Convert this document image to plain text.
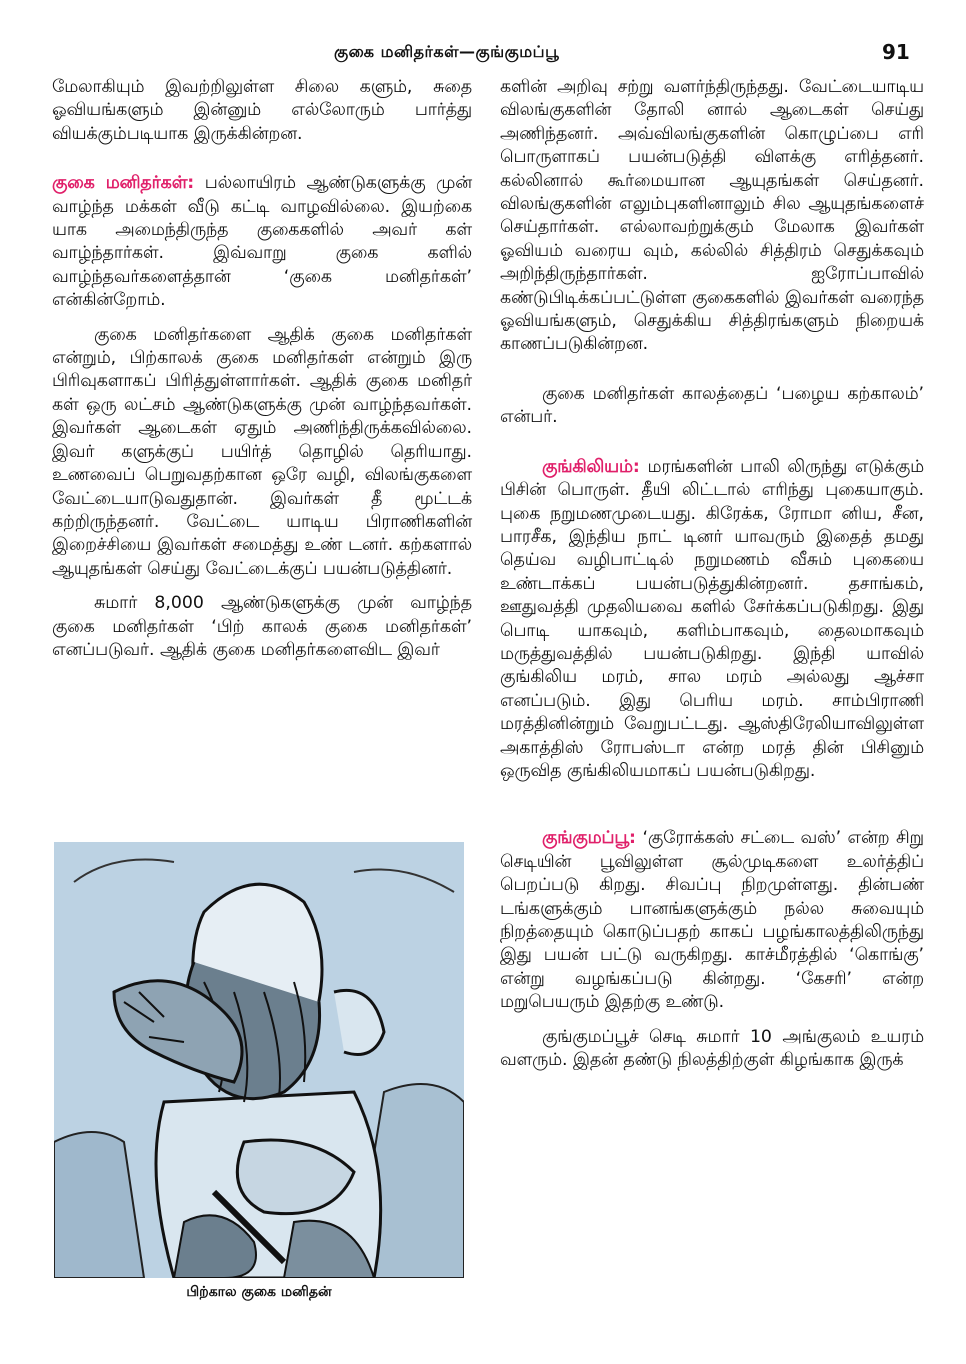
குகை மனிதர்கள்—குங்குமப்பூ	91

மேலாகியும் இவற்றிலுள்ள சிலை களும், சுதை ஓவியங்களும் இன்னும் எல்லோரும் பார்த்து வியக்கும்படியாக இருக்கின்றன.

குகை மனிதர்கள்: பல்லாயிரம் ஆண்டுகளுக்கு முன் வாழ்ந்த மக்கள் வீடு கட்டி வாழவில்லை. இயற்கை யாக அமைந்திருந்த குகைகளில் அவர் கள் வாழ்ந்தார்கள். இவ்வாறு குகை களில் வாழ்ந்தவர்களைத்தான் ‘குகை மனிதர்கள்’ என்கின்றோம்.

குகை மனிதர்களை ஆதிக் குகை மனிதர்கள் என்றும், பிற்காலக் குகை மனிதர்கள் என்றும் இரு பிரிவுகளாகப் பிரித்துள்ளார்கள். ஆதிக் குகை மனிதர் கள் ஒரு லட்சம் ஆண்டுகளுக்கு முன் வாழ்ந்தவர்கள். இவர்கள் ஆடைகள் ஏதும் அணிந்திருக்கவில்லை. இவர் களுக்குப் பயிர்த் தொழில் தெரியாது. உணவைப் பெறுவதற்கான ஒரே வழி, விலங்குகளை வேட்டையாடுவதுதான். இவர்கள் தீ மூட்டக் கற்றிருந்தனர். வேட்டை யாடிய பிராணிகளின் இறைச்சியை இவர்கள் சமைத்து உண் டனர். கற்களால் ஆயுதங்கள் செய்து வேட்டைக்குப் பயன்படுத்தினர்.

சுமார் 8,000 ஆண்டுகளுக்கு முன் வாழ்ந்த குகை மனிதர்கள் ‘பிற் காலக் குகை மனிதர்கள்’ எனப்படுவர். ஆதிக் குகை மனிதர்களைவிட இவர்

பிற்கால குகை மனிதன்

களின் அறிவு சற்று வளர்ந்திருந்தது. வேட்டையாடிய விலங்குகளின் தோலி னால் ஆடைகள் செய்து அணிந்தனர். அவ்விலங்குகளின் கொழுப்பை எரி பொருளாகப் பயன்படுத்தி விளக்கு எரித்தனர். கல்லினால் கூர்மையான ஆயுதங்கள் செய்தனர். விலங்குகளின் எலும்புகளினாலும் சில ஆயுதங்களைச் செய்தார்கள். எல்லாவற்றுக்கும் மேலாக இவர்கள் ஓவியம் வரைய வும், கல்லில் சித்திரம் செதுக்கவும் அறிந்திருந்தார்கள். ஐரோப்பாவில் கண்டுபிடிக்கப்பட்டுள்ள குகைகளில் இவர்கள் வரைந்த ஓவியங்களும், செதுக்கிய சித்திரங்களும் நிறையக் காணப்படுகின்றன.

குகை மனிதர்கள் காலத்தைப் ‘பழைய கற்காலம்’ என்பர்.

குங்கிலியம்: மரங்களின் பாலி லிருந்து எடுக்கும் பிசின் பொருள். தீயி லிட்டால் எரிந்து புகையாகும். புகை நறுமணமுடையது. கிரேக்க, ரோமா னிய, சீன, பாரசீக, இந்திய நாட் டினர் யாவரும் இதைத் தமது தெய்வ வழிபாட்டில் நறுமணம் வீசும் புகையை உண்டாக்கப் பயன்படுத்துகின்றனர். தசாங்கம், ஊதுவத்தி முதலியவை களில் சேர்க்கப்படுகிறது. இது பொடி யாகவும், களிம்பாகவும், தைலமாகவும் மருத்துவத்தில் பயன்படுகிறது. இந்தி யாவில் குங்கிலிய மரம், சால மரம் அல்லது ஆச்சா எனப்படும். இது பெரிய மரம். சாம்பிராணி மரத்தினின்றும் வேறுபட்டது. ஆஸ்திரேலியாவிலுள்ள அகாத்திஸ் ரோபஸ்டா என்ற மரத் தின் பிசினும் ஒருவித குங்கிலியமாகப் பயன்படுகிறது.

குங்குமப்பூ: ‘குரோக்கஸ் சட்டை வஸ்’ என்ற சிறு செடியின் பூவிலுள்ள சூல்முடிகளை உலர்த்திப் பெறப்படு கிறது. சிவப்பு நிறமுள்ளது. தின்பண் டங்களுக்கும் பானங்களுக்கும் நல்ல சுவையும் நிறத்தையும் கொடுப்பதற் காகப் பழங்காலத்திலிருந்து இது பயன் பட்டு வருகிறது. காச்மீரத்தில் ‘கொங்கு’ என்று வழங்கப்படு கின்றது. ‘கேசரி’ என்ற மறுபெயரும் இதற்கு உண்டு.

குங்குமப்பூச் செடி சுமார் 10 அங்குலம் உயரம் வளரும். இதன் தண்டு நிலத்திற்குள் கிழங்காக இருக்
